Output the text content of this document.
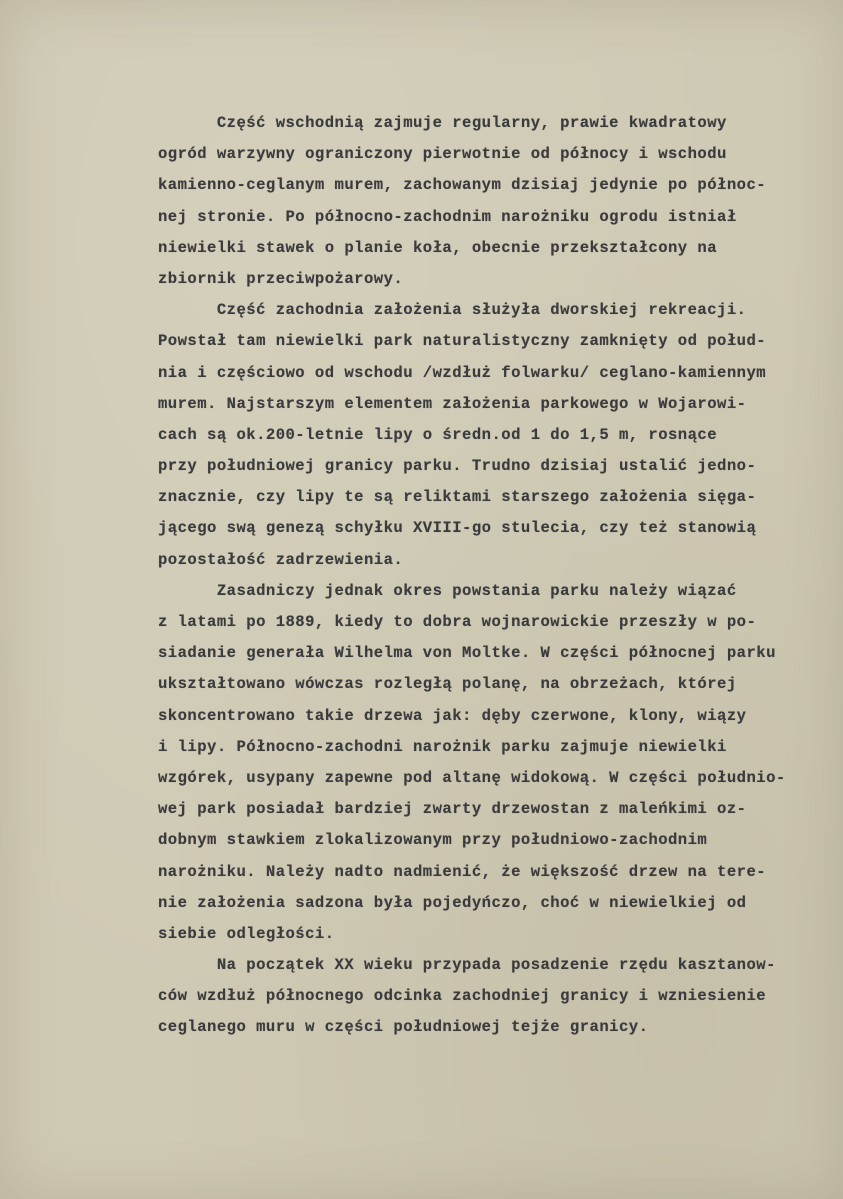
Część wschodnią zajmuje regularny, prawie kwadratowy
ogród warzywny ograniczony pierwotnie od północy i wschodu
kamienno-ceglanym murem, zachowanym dzisiaj jedynie po północ-
nej stronie. Po północno-zachodnim narożniku ogrodu istniał
niewielki stawek o planie koła, obecnie przekształcony na
zbiornik przeciwpożarowy.
Część zachodnia założenia służyła dworskiej rekreacji.
Powstał tam niewielki park naturalistyczny zamknięty od połud-
nia i częściowo od wschodu /wzdłuż folwarku/ ceglano-kamiennym
murem. Najstarszym elementem założenia parkowego w Wojarowi-
cach są ok.200-letnie lipy o średn.od 1 do 1,5 m, rosnące
przy południowej granicy parku. Trudno dzisiaj ustalić jedno-
znacznie, czy lipy te są reliktami starszego założenia sięga-
jącego swą genezą schyłku XVIII-go stulecia, czy też stanowią
pozostałość zadrzewienia.
Zasadniczy jednak okres powstania parku należy wiązać
z latami po 1889, kiedy to dobra wojnarowickie przeszły w po-
siadanie generała Wilhelma von Moltke. W części północnej parku
ukształtowano wówczas rozległą polanę, na obrzeżach, której
skoncentrowano takie drzewa jak: dęby czerwone, klony, wiązy
i lipy. Północno-zachodni narożnik parku zajmuje niewielki
wzgórek, usypany zapewne pod altanę widokową. W części południo-
wej park posiadał bardziej zwarty drzewostan z maleńkimi oz-
dobnym stawkiem zlokalizowanym przy południowo-zachodnim
narożniku. Należy nadto nadmienić, że większość drzew na tere-
nie założenia sadzona była pojedyńczo, choć w niewielkiej od
siebie odległości.
Na początek XX wieku przypada posadzenie rzędu kasztanow-
ców wzdłuż północnego odcinka zachodniej granicy i wzniesienie
ceglanego muru w części południowej tejże granicy.
